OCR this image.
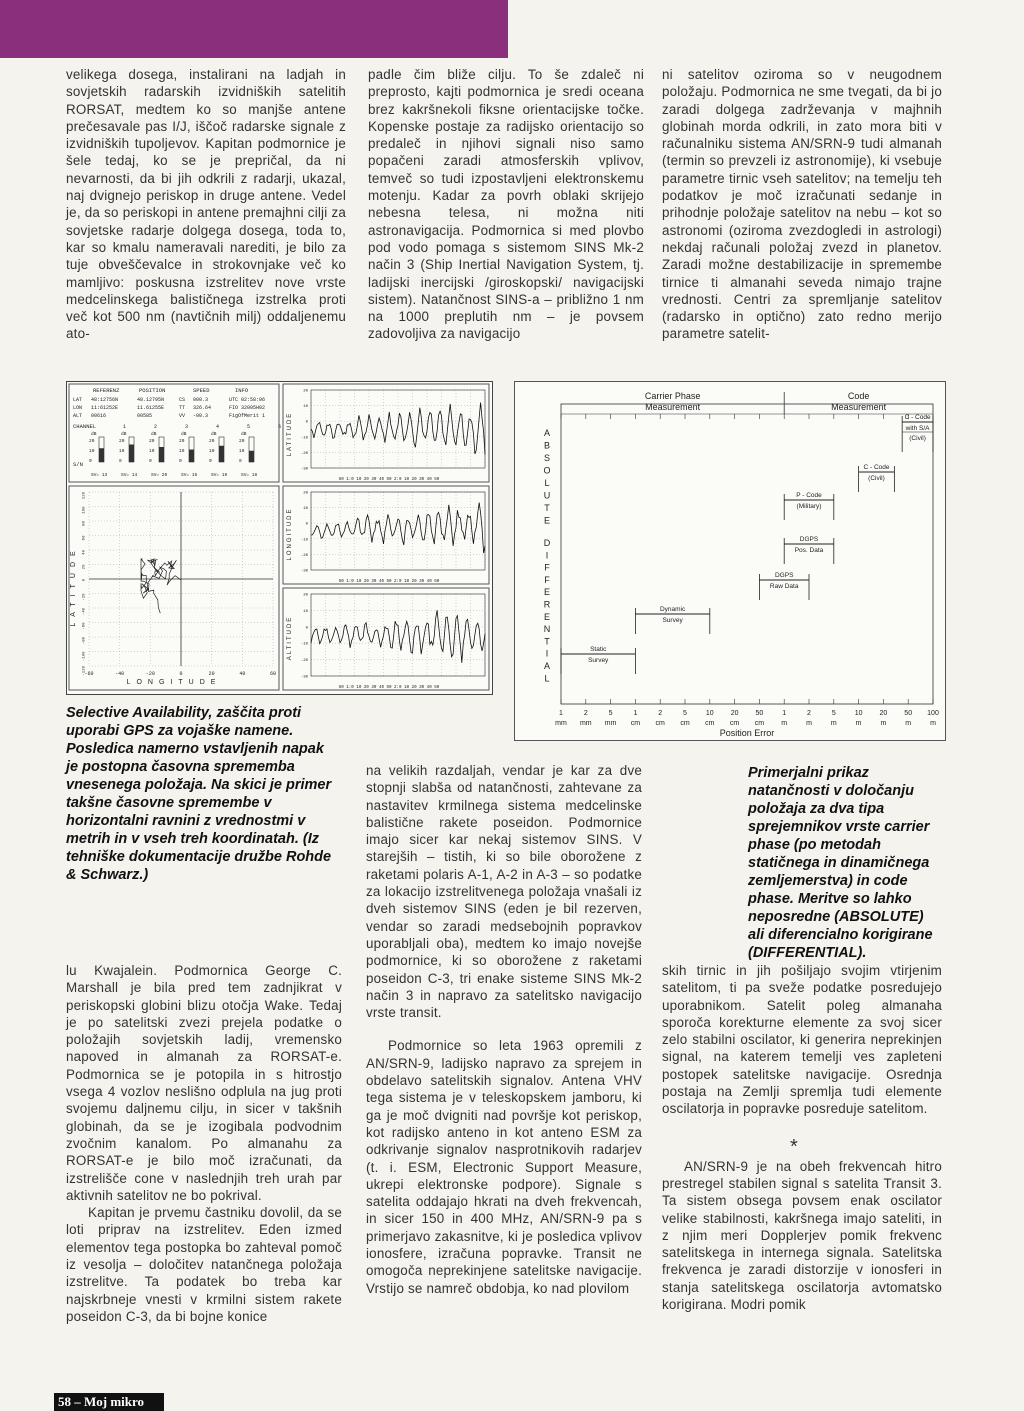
velikega dosega, instalirani na ladjah in sovjetskih radarskih izvidniških satelitih RORSAT, medtem ko so manjše antene prečesavale pas I/J, iščoč radarske signale z izvidniških tupoljevov. Kapitan podmornice je šele tedaj, ko se je prepričal, da ni nevarnosti, da bi jih odkrili z radarji, ukazal, naj dvignejo periskop in druge antene. Vedel je, da so periskopi in antene premajhni cilji za sovjetske radarje dolgega dosega, toda to, kar so kmalu nameravali narediti, je bilo za tuje obveščevalce in strokovnjake več ko mamljivo: poskusna izstrelitev nove vrste medcelinskega balističnega izstrelka proti več kot 500 nm (navtičnih milj) oddaljenemu ato-

padle čim bliže cilju. To še zdaleč ni preprosto, kajti podmornica je sredi oceana brez kakršnekoli fiksne orientacijske točke. Kopenske postaje za radijsko orientacijo so predaleč in njihovi signali niso samo popačeni zaradi atmosferskih vplivov, temveč so tudi izpostavljeni elektronskemu motenju. Kadar za povrh oblaki skrijejo nebesna telesa, ni možna niti astronavigacija. Podmornica si med plovbo pod vodo pomaga s sistemom SINS Mk-2 način 3 (Ship Inertial Navigation System, tj. ladijski inercijski /giroskopski/ navigacijski sistem). Natančnost SINS-a – približno 1 nm na 1000 preplutih nm – je povsem zadovoljiva za navigacijo

ni satelitov oziroma so v neugodnem položaju. Podmornica ne sme tvegati, da bi jo zaradi dolgega zadrževanja v majhnih globinah morda odkrili, in zato mora biti v računalniku sistema AN/SRN-9 tudi almanah (termin so prevzeli iz astronomije), ki vsebuje parametre tirnic vseh satelitov; na temelju teh podatkov je moč izračunati sedanje in prihodnje položaje satelitov na nebu – kot so astronomi (oziroma zvezdogledi in astrologi) nekdaj računali položaj zvezd in planetov. Zaradi možne destabilizacije in spremembe tirnice ti almanahi seveda nimajo trajne vrednosti. Centri za spremljanje satelitov (radarsko in optično) zato redno merijo parametre satelit-

REFERENZ	POSITION	SPEED	INFO
LAT 48:12756N	48.12795N	CS 000.3	UTC 02:58:06
LON 11:61252E	11.61255E	TT 326.64	FIO 32005H02
ALT 00616	00585	VV -00.3	FigOfMerit 1
CHANNEL	1	2	3	4	5	6
S/N
dB
20
10
0
SV= 13
dB
20
10
0
SV= 14
dB
20
10
0
SV= 20
dB
20
10
0
SV= 16
dB
20
10
0
SV= 19
dB
20
10
0
SV= 18
120
100
80
60
40
20
0
-20
-40
-60
-80
-100
-120
-60	-40	-20	0	20	40	60
LONGITUDE
LATITUDE
20
10
0
-10
-20
-30
20
10
0
-10
-20
-30
20
10
0
-10
-20
-30
LATITUDE
LONGITUDE
ALTITUDE
50 1:0 10 20 30 40 50 2:0 10 20 30 40 50
50 1:0 10 20 30 40 50 2:0 10 20 30 40 50
50 1:0 10 20 30 40 50 2:0 10 20 30 40 50
Carrier Phase
Measurement
Code
Measurement
A
B
S
O
L
U
T
E
D
I
F
F
E
R
E
N
T
I
A
L
1
mm
2
mm
5
mm
1
cm
2
cm
5
cm
10
cm
20
cm
50
cm
1
m
2
m
5
m
10
m
20
m
50
m
100
m
Position Error
Static
Survey
Dynamic
Survey
DGPS
Raw Data
DGPS
Pos. Data
P - Code
(Military)
C - Code
(Civil)
C - Code
with S/A
(Civil)
Selective Availability, zaščita proti uporabi GPS za vojaške namene. Posledica namerno vstavljenih napak je postopna časovna sprememba vnesenega položaja. Na skici je primer takšne časovne spremembe v horizontalni ravnini z vrednostmi v metrih in v vseh treh koordinatah. (Iz tehniške dokumentacije družbe Rohde & Schwarz.)
Primerjalni prikaz natančnosti v določanju položaja za dva tipa sprejemnikov vrste carrier phase (po metodah statičnega in dinamičnega zemljemerstva) in code phase. Meritve so lahko neposredne (ABSOLUTE) ali diferencialno korigirane (DIFFERENTIAL).

na velikih razdaljah, vendar je kar za dve stopnji slabša od natančnosti, zahtevane za nastavitev krmilnega sistema medcelinske balistične rakete poseidon. Podmornice imajo sicer kar nekaj sistemov SINS. V starejših – tistih, ki so bile oborožene z raketami polaris A-1, A-2 in A-3 – so podatke za lokacijo izstrelitvenega položaja vnašali iz dveh sistemov SINS (eden je bil rezerven, vendar so zaradi medsebojnih popravkov uporabljali oba), medtem ko imajo novejše podmornice, ki so oborožene z raketami poseidon C-3, tri enake sisteme SINS Mk-2 način 3 in napravo za satelitsko navigacijo vrste transit.

Podmornice so leta 1963 opremili z AN/SRN-9, ladijsko napravo za sprejem in obdelavo satelitskih signalov. Antena VHV tega sistema je v teleskopskem jamboru, ki ga je moč dvigniti nad površje kot periskop, kot radijsko anteno in kot anteno ESM za odkrivanje signalov nasprotnikovih radarjev (t. i. ESM, Electronic Support Measure, ukrepi elektronske podpore). Signale s satelita oddajajo hkrati na dveh frekvencah, in sicer 150 in 400 MHz, AN/SRN-9 pa s primerjavo zakasnitve, ki je posledica vplivov ionosfere, izračuna popravke. Transit ne omogoča neprekinjene satelitske navigacije. Vrstijo se namreč obdobja, ko nad plovilom

lu Kwajalein. Podmornica George C. Marshall je bila pred tem zadnjikrat v periskopski globini blizu otočja Wake. Tedaj je po satelitski zvezi prejela podatke o položajih sovjetskih ladij, vremensko napoved in almanah za RORSAT-e. Podmornica se je potopila in s hitrostjo vsega 4 vozlov neslišno odplula na jug proti svojemu daljnemu cilju, in sicer v takšnih globinah, da se je izogibala podvodnim zvočnim kanalom. Po almanahu za RORSAT-e je bilo moč izračunati, da izstrelišče cone v naslednjih treh urah par aktivnih satelitov ne bo pokrival.

Kapitan je prvemu častniku dovolil, da se loti priprav na izstrelitev. Eden izmed elementov tega postopka bo zahteval pomoč iz vesolja – določitev natančnega položaja izstrelitve. Ta podatek bo treba kar najskrbneje vnesti v krmilni sistem rakete poseidon C-3, da bi bojne konice

skih tirnic in jih pošiljajo svojim vtirjenim satelitom, ti pa sveže podatke posredujejo uporabnikom. Satelit poleg almanaha sporoča korekturne elemente za svoj sicer zelo stabilni oscilator, ki generira neprekinjen signal, na katerem temelji ves zapleteni postopek satelitske navigacije. Osrednja postaja na Zemlji spremlja tudi elemente oscilatorja in popravke posreduje satelitom.

AN/SRN-9 je na obeh frekvencah hitro prestregel stabilen signal s satelita Transit 3. Ta sistem obsega povsem enak oscilator velike stabilnosti, kakršnega imajo sateliti, in z njim meri Dopplerjev pomik frekvenc satelitskega in internega signala. Satelitska frekvenca je zaradi distorzije v ionosferi in stanja satelitskega oscilatorja avtomatsko korigirana. Modri pomik

*
58 – Moj mikro
